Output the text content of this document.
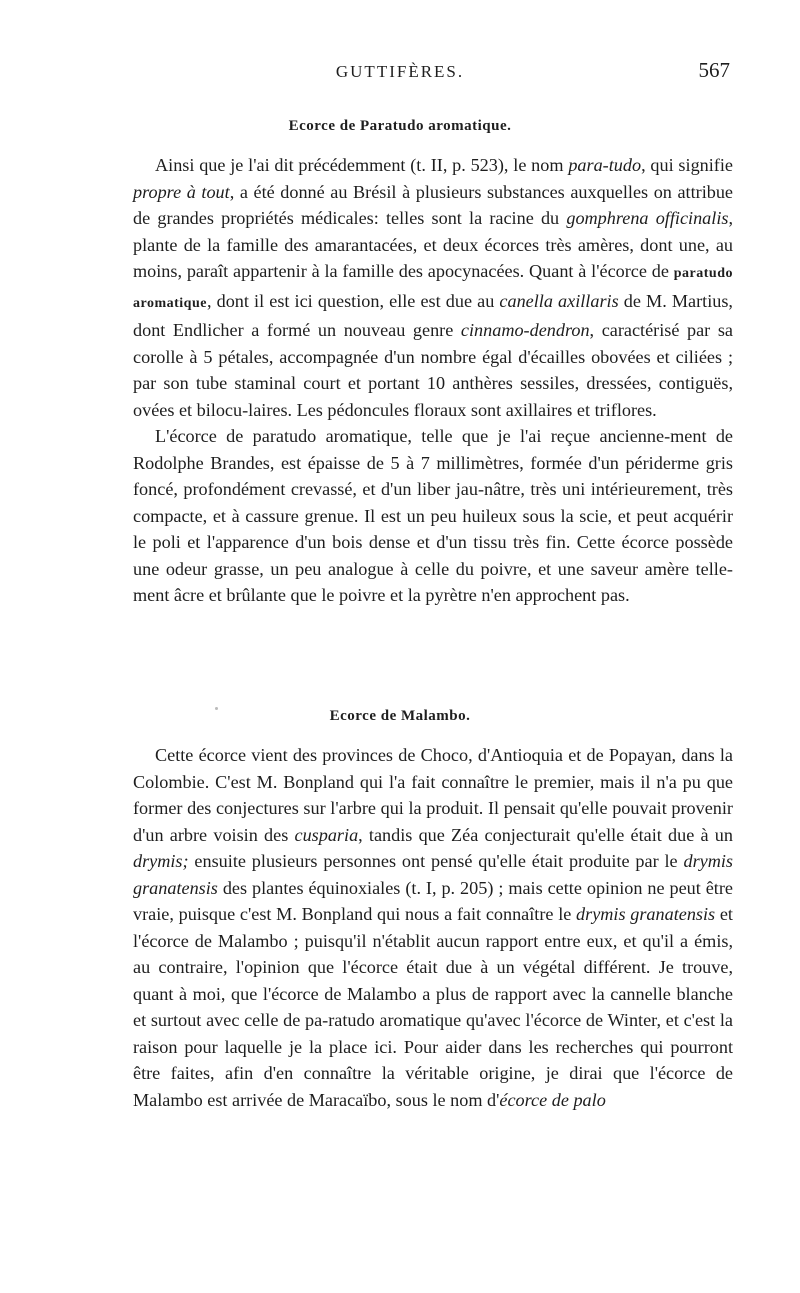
GUTTIFÈRES.	567
Ecorce de Paratudo aromatique.

Ainsi que je l'ai dit précédemment (t. II, p. 523), le nom para-tudo, qui signifie propre à tout, a été donné au Brésil à plusieurs substances auxquelles on attribue de grandes propriétés médicales: telles sont la racine du gomphrena officinalis, plante de la famille des amarantacées, et deux écorces très amères, dont une, au moins, paraît appartenir à la famille des apocynacées. Quant à l'écorce de paratudo aromatique, dont il est ici question, elle est due au canella axillaris de M. Martius, dont Endlicher a formé un nouveau genre cinnamo-dendron, caractérisé par sa corolle à 5 pétales, accompagnée d'un nombre égal d'écailles obovées et ciliées ; par son tube staminal court et portant 10 anthères sessiles, dressées, contiguës, ovées et bilocu-laires. Les pédoncules floraux sont axillaires et triflores.

L'écorce de paratudo aromatique, telle que je l'ai reçue ancienne-ment de Rodolphe Brandes, est épaisse de 5 à 7 millimètres, formée d'un périderme gris foncé, profondément crevassé, et d'un liber jau-nâtre, très uni intérieurement, très compacte, et à cassure grenue. Il est un peu huileux sous la scie, et peut acquérir le poli et l'apparence d'un bois dense et d'un tissu très fin. Cette écorce possède une odeur grasse, un peu analogue à celle du poivre, et une saveur amère telle-ment âcre et brûlante que le poivre et la pyrètre n'en approchent pas.

Ecorce de Malambo.

Cette écorce vient des provinces de Choco, d'Antioquia et de Popayan, dans la Colombie. C'est M. Bonpland qui l'a fait connaître le premier, mais il n'a pu que former des conjectures sur l'arbre qui la produit. Il pensait qu'elle pouvait provenir d'un arbre voisin des cusparia, tandis que Zéa conjecturait qu'elle était due à un drymis; ensuite plusieurs personnes ont pensé qu'elle était produite par le drymis granatensis des plantes équinoxiales (t. I, p. 205) ; mais cette opinion ne peut être vraie, puisque c'est M. Bonpland qui nous a fait connaître le drymis granatensis et l'écorce de Malambo ; puisqu'il n'établit aucun rapport entre eux, et qu'il a émis, au contraire, l'opinion que l'écorce était due à un végétal différent. Je trouve, quant à moi, que l'écorce de Malambo a plus de rapport avec la cannelle blanche et surtout avec celle de pa-ratudo aromatique qu'avec l'écorce de Winter, et c'est la raison pour laquelle je la place ici. Pour aider dans les recherches qui pourront être faites, afin d'en connaître la véritable origine, je dirai que l'écorce de Malambo est arrivée de Maracaïbo, sous le nom d'écorce de palo
